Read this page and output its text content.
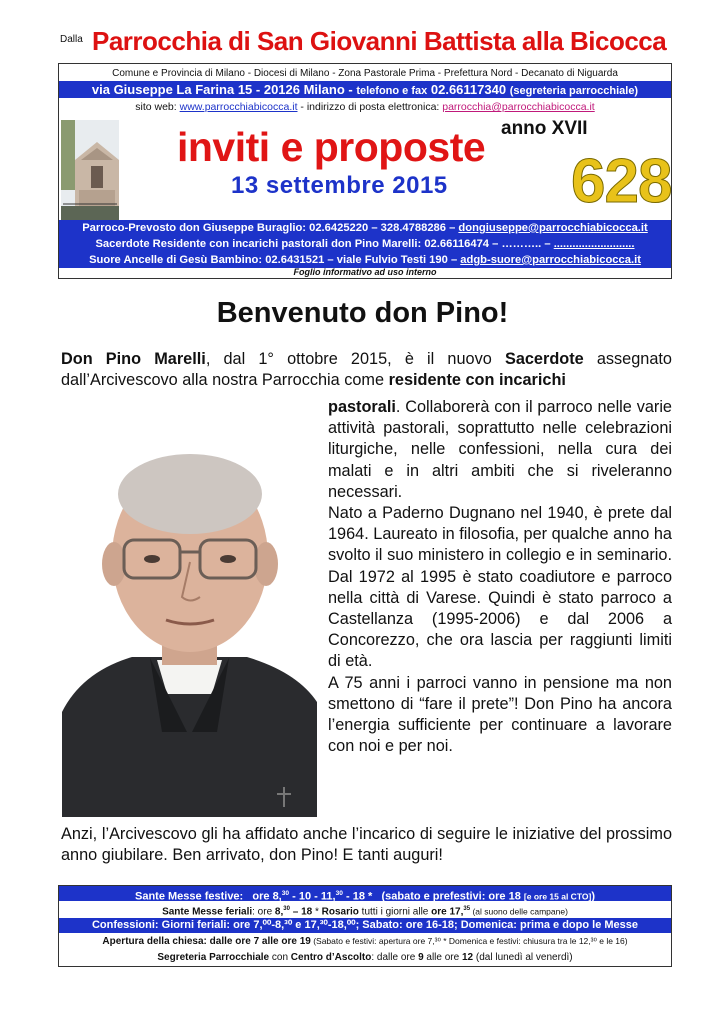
Dalla Parrocchia di San Giovanni Battista alla Bicocca
Comune e Provincia di Milano - Diocesi di Milano - Zona Pastorale Prima - Prefettura Nord - Decanato di Niguarda
via Giuseppe La Farina 15 - 20126 Milano - telefono e fax 02.66117340 (segreteria parrocchiale)
sito web: www.parrocchiabicocca.it - indirizzo di posta elettronica: parrocchia@parrocchiabicocca.it
inviti e proposte
13 settembre 2015
anno XVII
628
Parroco-Prevosto don Giuseppe Buraglio: 02.6425220 – 328.4788286 – dongiuseppe@parrocchiabicocca.it
Sacerdote Residente con incarichi pastorali don Pino Marelli: 02.66116474 – ……….. – ..........................
Suore Ancelle di Gesù Bambino: 02.6431521 – viale Fulvio Testi 190 – adgb-suore@parrocchiabicocca.it
Foglio informativo ad uso interno
Benvenuto don Pino!

Don Pino Marelli, dal 1° ottobre 2015, è il nuovo Sacerdote assegnato dall’Arcivescovo alla nostra Parrocchia come residente con incarichi

pastorali. Collaborerà con il parroco nelle varie attività pastorali, soprattutto nelle celebrazioni liturgiche, nelle confessioni, nella cura dei malati e in altri ambiti che si riveleranno necessari.

Nato a Paderno Dugnano nel 1940, è prete dal 1964. Laureato in filosofia, per qualche anno ha svolto il suo ministero in collegio e in seminario. Dal 1972 al 1995 è stato coadiutore e parroco nella città di Varese. Quindi è stato parroco a Castellanza (1995-2006) e dal 2006 a Concorezzo, che ora lascia per raggiunti limiti di età.

A 75 anni i parroci vanno in pensione ma non smettono di “fare il prete”! Don Pino ha ancora l’energia sufficiente per continuare a lavorare con noi e per noi.

Anzi, l’Arcivescovo gli ha affidato anche l’incarico di seguire le iniziative del prossimo anno giubilare. Ben arrivato, don Pino! E tanti auguri!

Sante Messe festive: ore 8,30 - 10 - 11,30 - 18 * (sabato e prefestivi: ore 18 [e ore 15 al CTO])
Sante Messe feriali: ore 8,30 – 18 * Rosario tutti i giorni alle ore 17,35 (al suono delle campane)
Confessioni: Giorni feriali: ore 7,⁰⁰-8,³⁰ e 17,³⁰-18,⁰⁰; Sabato: ore 16-18; Domenica: prima e dopo le Messe
Apertura della chiesa: dalle ore 7 alle ore 19 (Sabato e festivi: apertura ore 7,³⁰ * Domenica e festivi: chiusura tra le 12,³⁰ e le 16)
Segreteria Parrocchiale con Centro d’Ascolto: dalle ore 9 alle ore 12 (dal lunedì al venerdì)
